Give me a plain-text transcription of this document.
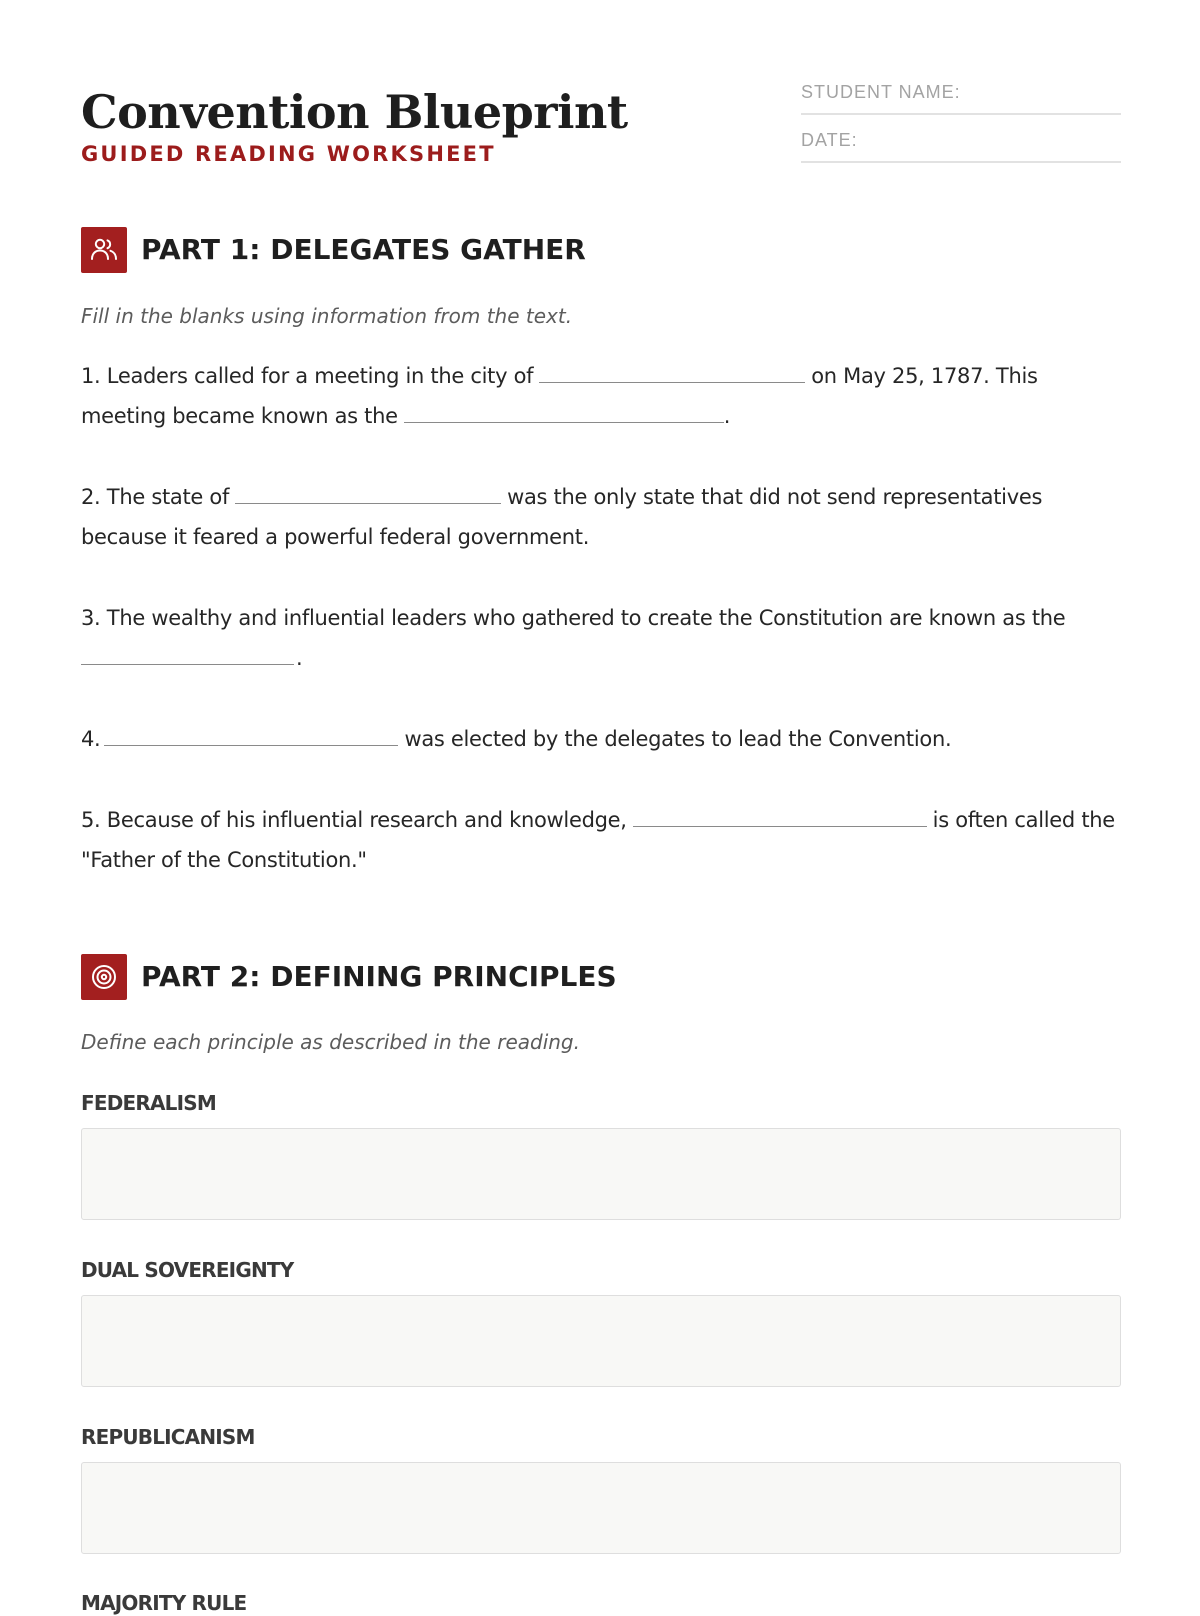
Convention Blueprint
GUIDED READING WORKSHEET
STUDENT NAME:
DATE:
PART 1: DELEGATES GATHER
Fill in the blanks using information from the text.

1. Leaders called for a meeting in the city of	on May 25, 1787. This meeting became known as the	.

2. The state of	was the only state that did not send representatives because it feared a powerful federal government.

3. The wealthy and influential leaders who gathered to create the Constitution are known as the .

4.	was elected by the delegates to lead the Convention.

5. Because of his influential research and knowledge,	is often called the "Father of the Constitution."

PART 2: DEFINING PRINCIPLES
Define each principle as described in the reading.
FEDERALISM
DUAL SOVEREIGNTY
REPUBLICANISM
MAJORITY RULE
